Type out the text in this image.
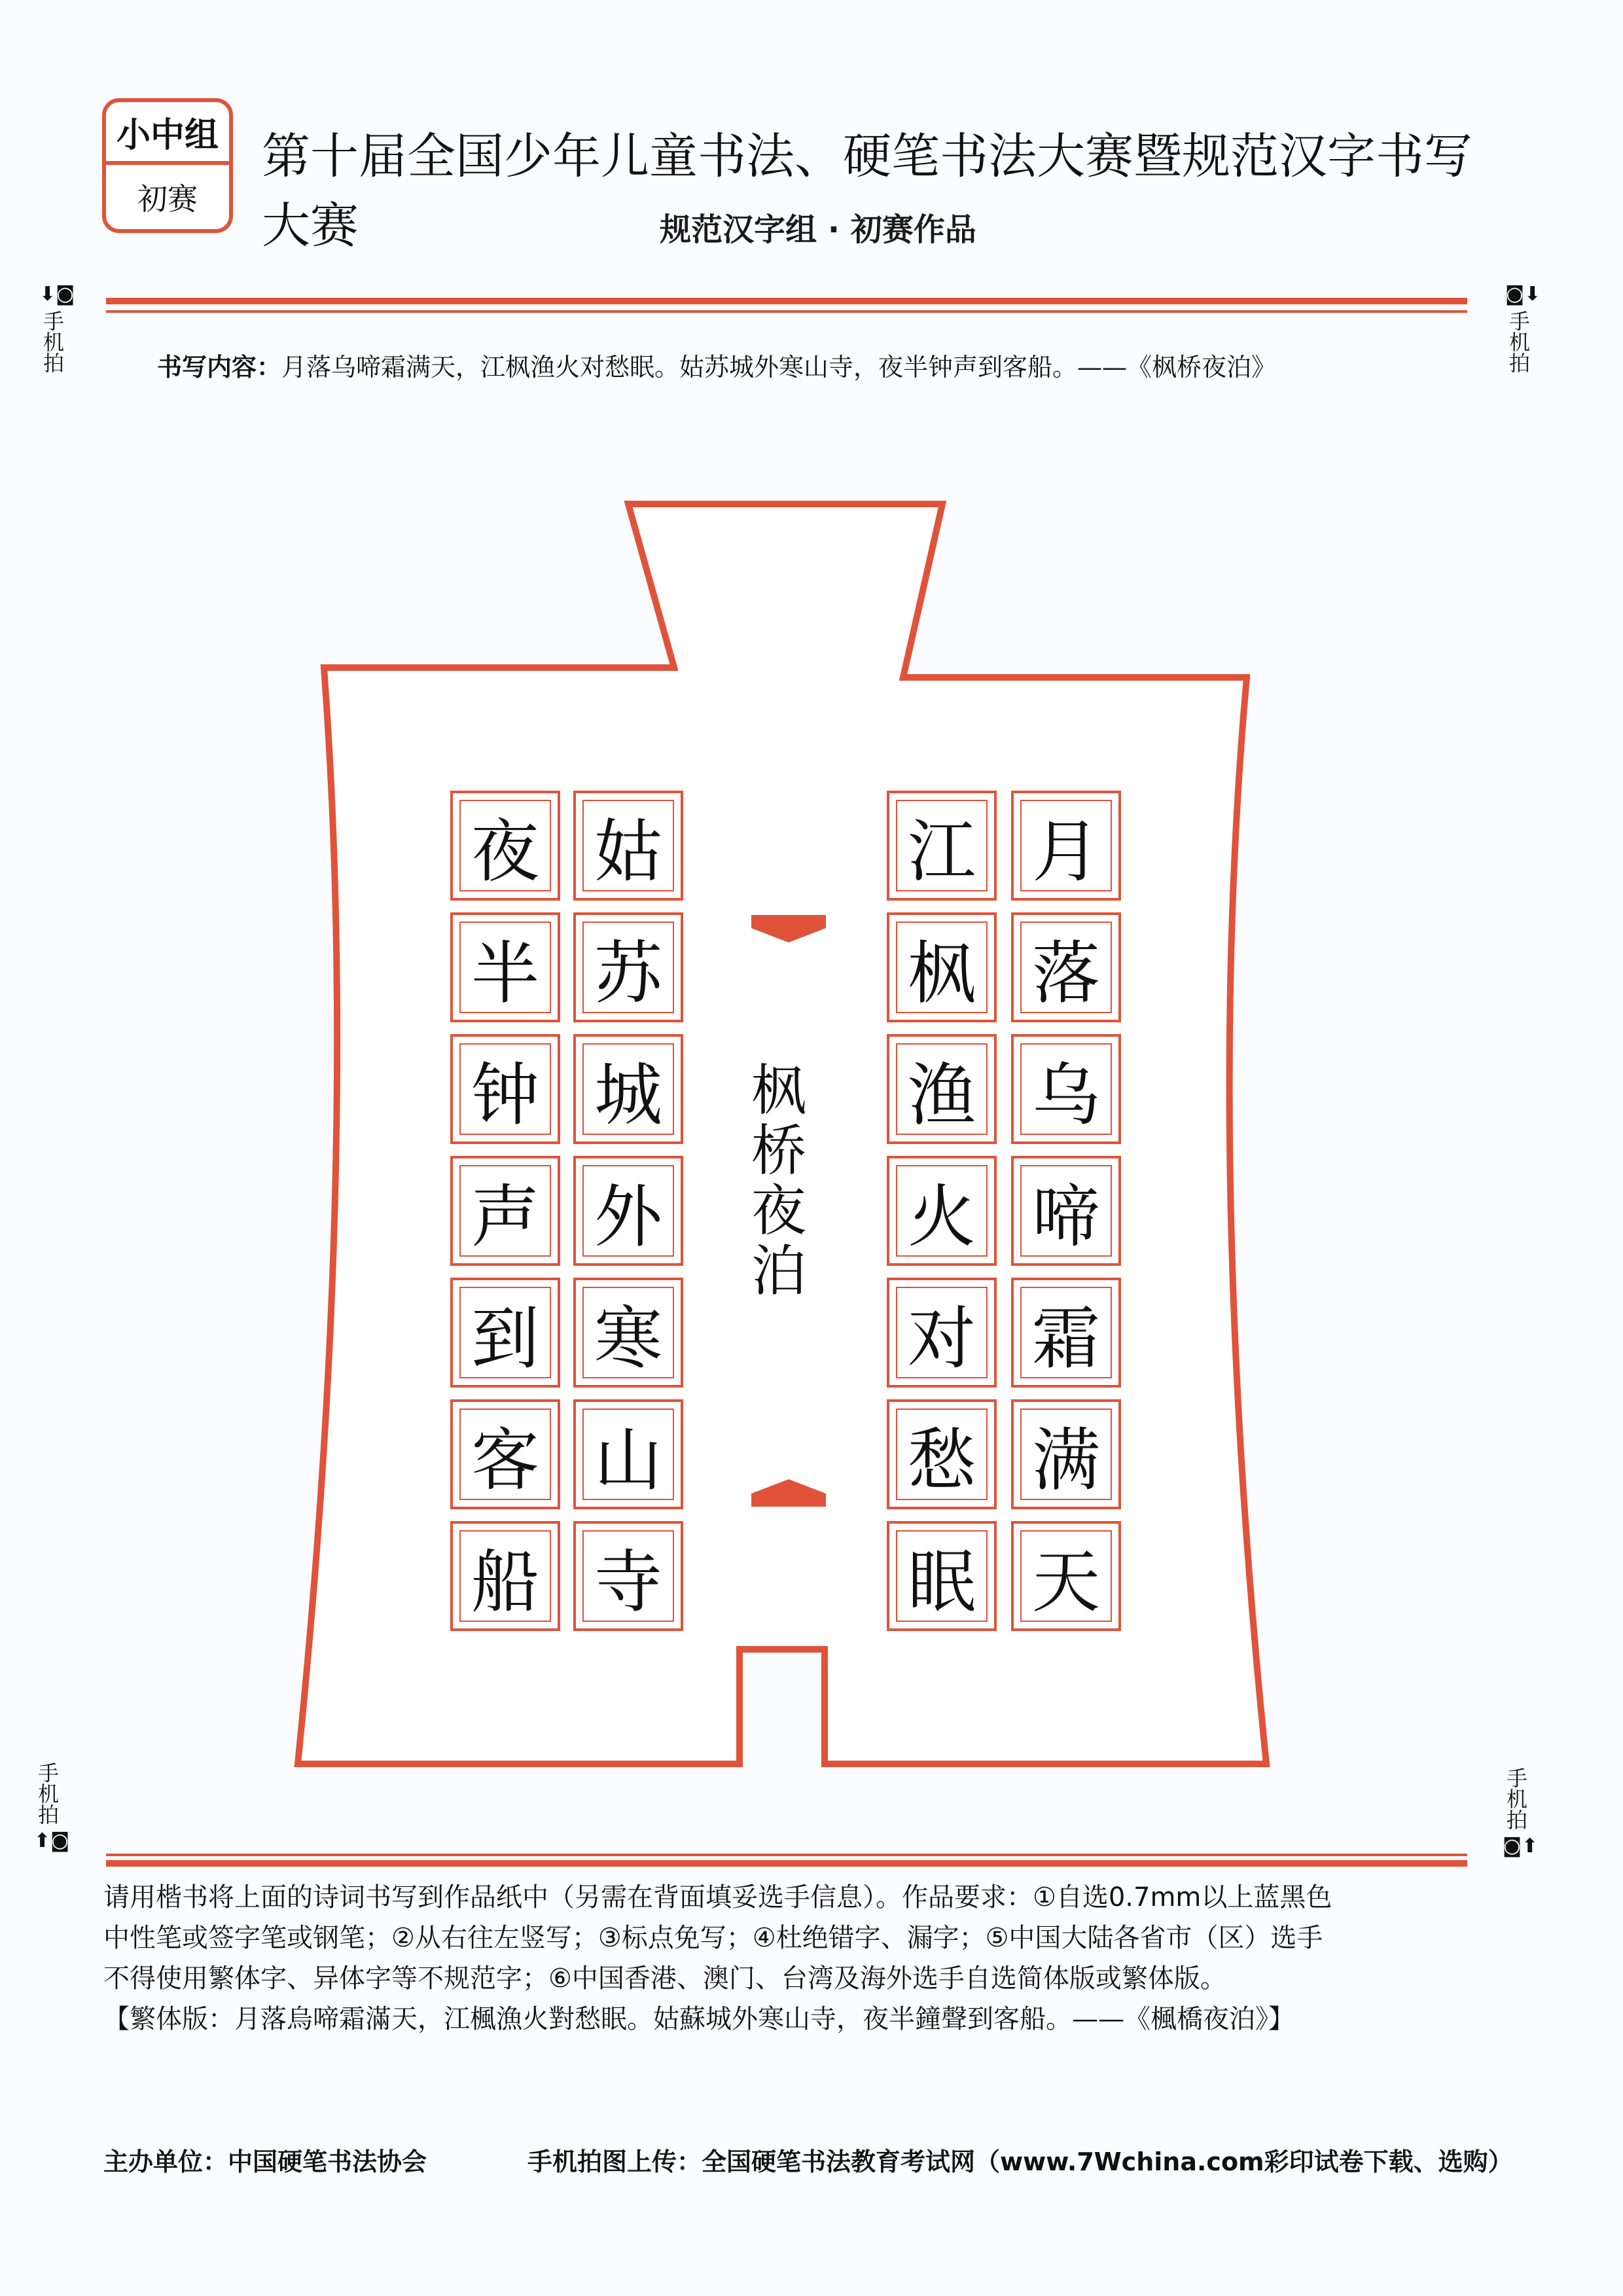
小中组
初赛
第十届全国少年儿童书法、硬笔书法大赛暨规范汉字书写大赛	规范汉字组 · 初赛作品
⬇◙
手机拍
◙⬇
手机拍
书写内容：月落乌啼霜满天，江枫渔火对愁眠。姑苏城外寒山寺，夜半钟声到客船。——《枫桥夜泊》
月
落
乌
啼
霜
满
天
江
枫
渔
火
对
愁
眠
姑
苏
城
外
寒
山
寺
夜
半
钟
声
到
客
船
枫
桥
夜
泊
手机拍
⬆◙
手机拍
◙⬆
请用楷书将上面的诗词书写到作品纸中（另需在背面填妥选手信息）。作品要求：①自选0.7mm以上蓝黑色
中性笔或签字笔或钢笔；②从右往左竖写；③标点免写；④杜绝错字、漏字；⑤中国大陆各省市（区）选手
不得使用繁体字、异体字等不规范字；⑥中国香港、澳门、台湾及海外选手自选简体版或繁体版。
【繁体版：月落烏啼霜滿天，江楓漁火對愁眠。姑蘇城外寒山寺，夜半鐘聲到客船。——《楓橋夜泊》】
主办单位：中国硬笔书法协会	手机拍图上传：全国硬笔书法教育考试网（www.7Wchina.com彩印试卷下载、选购）
